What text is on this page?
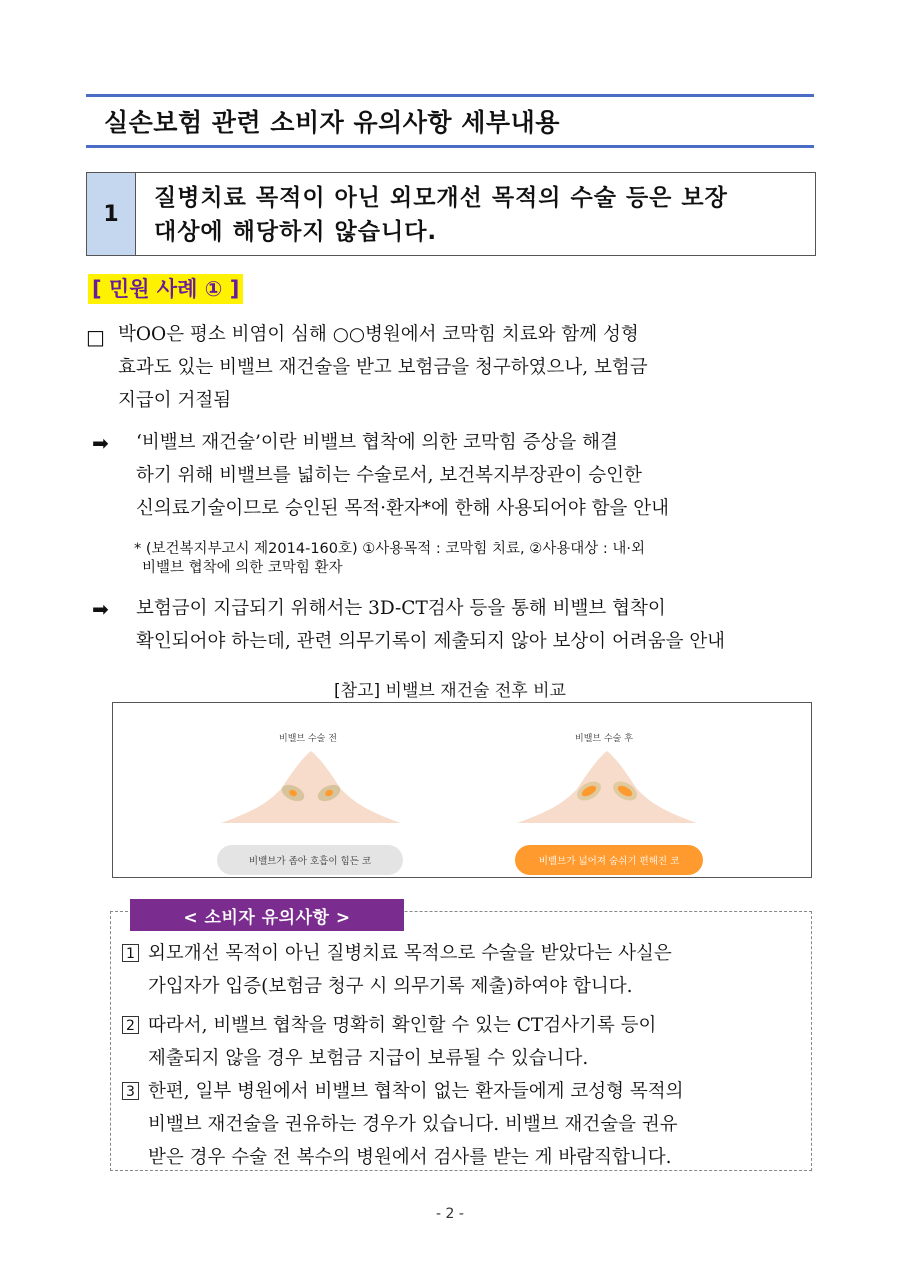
실손보험 관련 소비자 유의사항 세부내용
1
질병치료 목적이 아닌 외모개선 목적의 수술 등은 보장
대상에 해당하지 않습니다.
[ 민원 사례 ① ]
□ 박OO은 평소 비염이 심해 ○○병원에서 코막힘 치료와 함께 성형
효과도 있는 비밸브 재건술을 받고 보험금을 청구하였으나, 보험금
지급이 거절됨
➡ ‘비밸브 재건술’이란 비밸브 협착에 의한 코막힘 증상을 해결
하기 위해 비밸브를 넓히는 수술로서, 보건복지부장관이 승인한
신의료기술이므로 승인된 목적·환자*에 한해 사용되어야 함을 안내
* (보건복지부고시 제2014-160호) ①사용목적 : 코막힘 치료, ②사용대상 : 내·외
비밸브 협착에 의한 코막힘 환자
➡ 보험금이 지급되기 위해서는 3D-CT검사 등을 통해 비밸브 협착이
확인되어야 하는데, 관련 의무기록이 제출되지 않아 보상이 어려움을 안내
[참고] 비밸브 재건술 전후 비교
비밸브 수술 전	비밸브 수술 후
비밸브가 좁아 호흡이 힘든 코	비밸브가 넓어져 숨쉬기 편해진 코
< 소비자 유의사항 >
1 외모개선 목적이 아닌 질병치료 목적으로 수술을 받았다는 사실은
가입자가 입증(보험금 청구 시 의무기록 제출)하여야 합니다.
2 따라서, 비밸브 협착을 명확히 확인할 수 있는 CT검사기록 등이
제출되지 않을 경우 보험금 지급이 보류될 수 있습니다.
3 한편, 일부 병원에서 비밸브 협착이 없는 환자들에게 코성형 목적의
비밸브 재건술을 권유하는 경우가 있습니다. 비밸브 재건술을 권유
받은 경우 수술 전 복수의 병원에서 검사를 받는 게 바람직합니다.
- 2 -
